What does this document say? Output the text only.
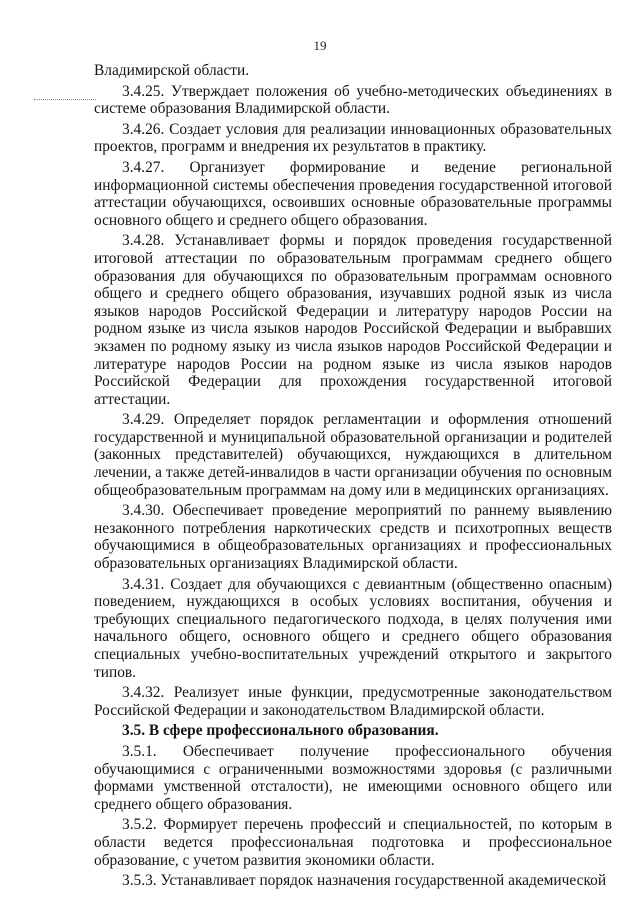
19

Владимирской области.

3.4.25. Утверждает положения об учебно-методических объединениях в системе образования Владимирской области.

3.4.26. Создает условия для реализации инновационных образовательных проектов, программ и внедрения их результатов в практику.

3.4.27. Организует формирование и ведение региональной информационной системы обеспечения проведения государственной итоговой аттестации обучающихся, освоивших основные образовательные программы основного общего и среднего общего образования.

3.4.28. Устанавливает формы и порядок проведения государственной итоговой аттестации по образовательным программам среднего общего образования для обучающихся по образовательным программам основного общего и среднего общего образования, изучавших родной язык из числа языков народов Российской Федерации и литературу народов России на родном языке из числа языков народов Российской Федерации и выбравших экзамен по родному языку из числа языков народов Российской Федерации и литературе народов России на родном языке из числа языков народов Российской Федерации для прохождения государственной итоговой аттестации.

3.4.29. Определяет порядок регламентации и оформления отношений государственной и муниципальной образовательной организации и родителей (законных представителей) обучающихся, нуждающихся в длительном лечении, а также детей-инвалидов в части организации обучения по основным общеобразовательным программам на дому или в медицинских организациях.

3.4.30. Обеспечивает проведение мероприятий по раннему выявлению незаконного потребления наркотических средств и психотропных веществ обучающимися в общеобразовательных организациях и профессиональных образовательных организациях Владимирской области.

3.4.31. Создает для обучающихся с девиантным (общественно опасным) поведением, нуждающихся в особых условиях воспитания, обучения и требующих специального педагогического подхода, в целях получения ими начального общего, основного общего и среднего общего образования специальных учебно-воспитательных учреждений открытого и закрытого типов.

3.4.32. Реализует иные функции, предусмотренные законодательством Российской Федерации и законодательством Владимирской области.

3.5. В сфере профессионального образования.

3.5.1. Обеспечивает получение профессионального обучения обучающимися с ограниченными возможностями здоровья (с различными формами умственной отсталости), не имеющими основного общего или среднего общего образования.

3.5.2. Формирует перечень профессий и специальностей, по которым в области ведется профессиональная подготовка и профессиональное образование, с учетом развития экономики области.

3.5.3. Устанавливает порядок назначения государственной академической
